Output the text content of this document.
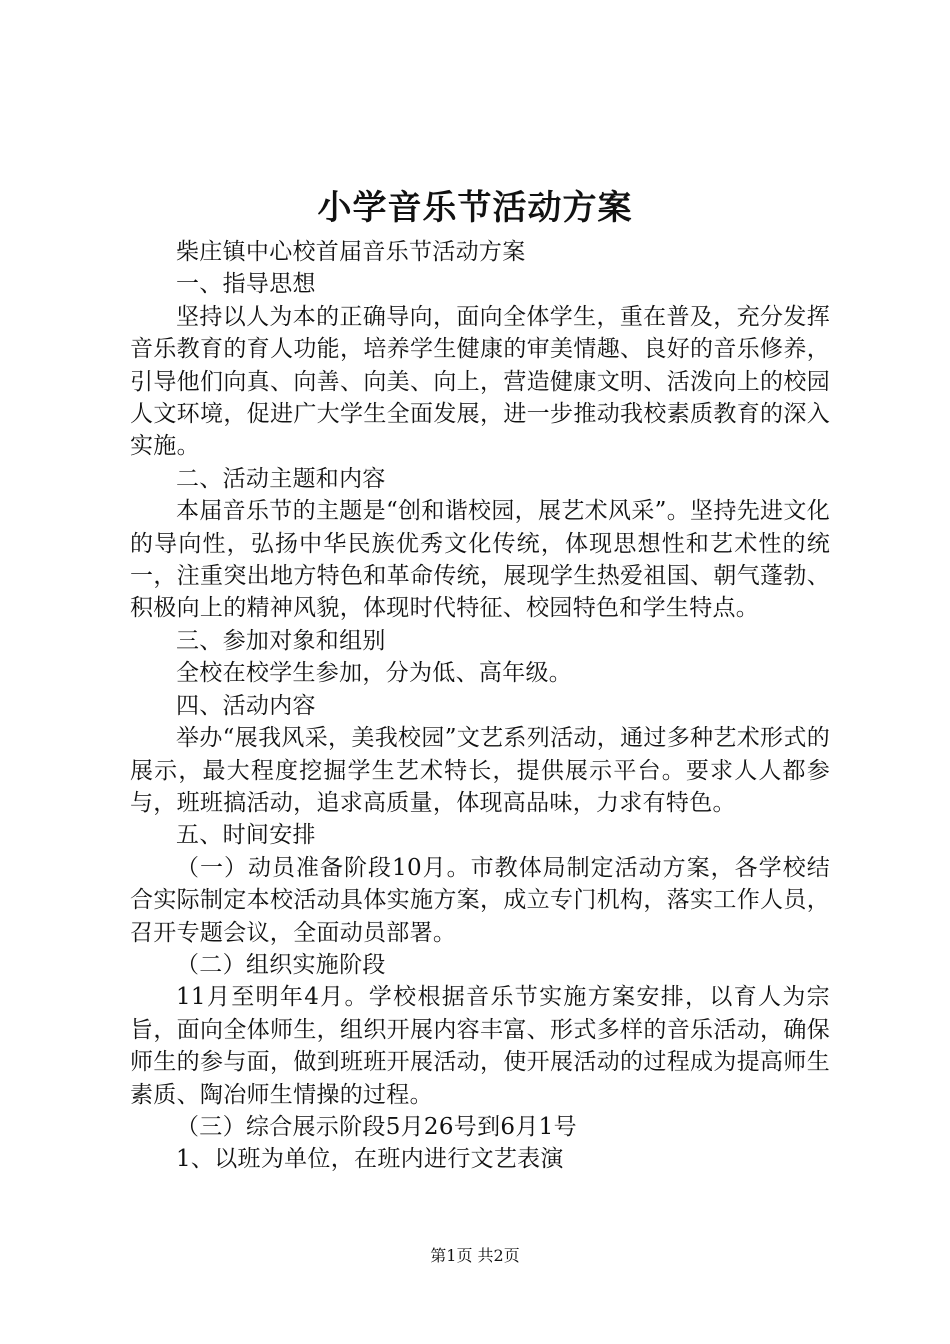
小学音乐节活动方案

柴庄镇中心校首届音乐节活动方案

一、指导思想

坚持以人为本的正确导向，面向全体学生，重在普及，充分发挥音乐教育的育人功能，培养学生健康的审美情趣、良好的音乐修养，引导他们向真、向善、向美、向上，营造健康文明、活泼向上的校园人文环境，促进广大学生全面发展，进一步推动我校素质教育的深入实施。

二、活动主题和内容

本届音乐节的主题是“创和谐校园，展艺术风采”。坚持先进文化的导向性，弘扬中华民族优秀文化传统，体现思想性和艺术性的统一，注重突出地方特色和革命传统，展现学生热爱祖国、朝气蓬勃、积极向上的精神风貌，体现时代特征、校园特色和学生特点。

三、参加对象和组别

全校在校学生参加，分为低、高年级。

四、活动内容

举办“展我风采，美我校园”文艺系列活动，通过多种艺术形式的展示，最大程度挖掘学生艺术特长，提供展示平台。要求人人都参与，班班搞活动，追求高质量，体现高品味，力求有特色。

五、时间安排

（一）动员准备阶段10月。市教体局制定活动方案，各学校结合实际制定本校活动具体实施方案，成立专门机构，落实工作人员，召开专题会议，全面动员部署。

（二）组织实施阶段

11月至明年4月。学校根据音乐节实施方案安排，以育人为宗旨，面向全体师生，组织开展内容丰富、形式多样的音乐活动，确保师生的参与面，做到班班开展活动，使开展活动的过程成为提高师生素质、陶冶师生情操的过程。

（三）综合展示阶段5月26号到6月1号

1、以班为单位，在班内进行文艺表演

第1页 共2页
